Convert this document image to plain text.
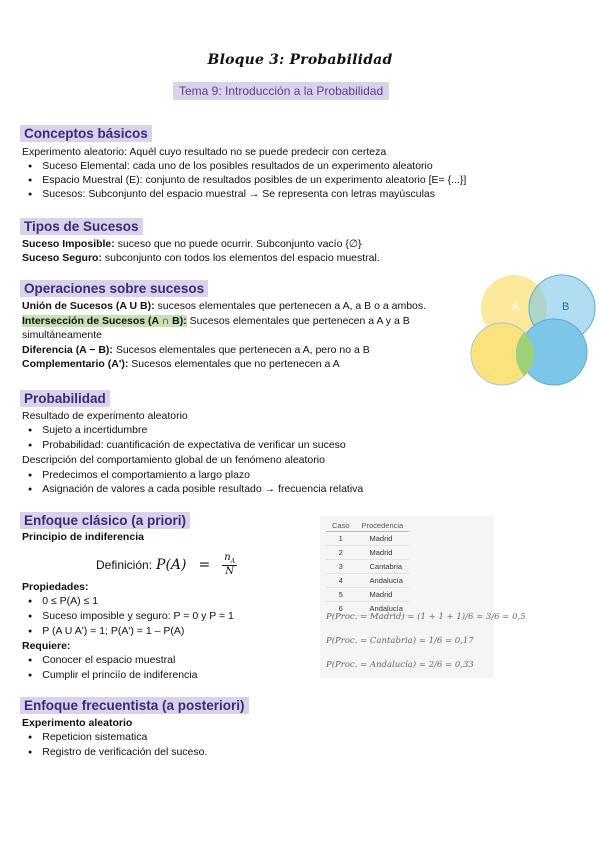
Bloque 3: Probabilidad
Tema 9: Introducción a la Probabilidad
Conceptos básicos
Experimento aleatorio: Aquél cuyo resultado no se puede predecir con certeza
● Suceso Elemental: cada uno de los posibles resultados de un experimento aleatorio
● Espacio Muestral (E): conjunto de resultados posibles de un experimento aleatorio [E= {...}]
● Sucesos: Subconjunto del espacio muestral → Se representa con letras mayúsculas
Tipos de Sucesos
Suceso Imposible: suceso que no puede ocurrir. Subconjunto vacío {∅}
Suceso Seguro: subconjunto con todos los elementos del espacio muestral.
Operaciones sobre sucesos
Unión de Sucesos (A U B): sucesos elementales que pertenecen a A, a B o a ambos.
Intersección de Sucesos (A ∩ B): Sucesos elementales que pertenecen a A y a B
simultáneamente
Diferencia (A − B): Sucesos elementales que pertenecen a A, pero no a B
Complementario (A'): Sucesos elementales que no pertenecen a A
A	B
Probabilidad
Resultado de experimento aleatorio
● Sujeto a incertidumbre
● Probabilidad: cuantificación de expectativa de verificar un suceso
Descripción del comportamiento global de un fenómeno aleatorio
● Predecimos el comportamiento a largo plazo
● Asignación de valores a cada posible resultado → frecuencia relativa
Enfoque clásico (a priori)
Principio de indiferencia
Definición: $P(A) = \frac{n_A}{N}$
Propiedades:
● 0 ≤ P(A) ≤ 1
● Suceso imposible y seguro: P = 0 y P = 1
● P (A U A') = 1; P(A') = 1 – P(A)
Requiere:
● Conocer el espacio muestral
● Cumplir el princiío de indiferencia
Caso	Procedencia
1	Madrid
2	Madrid
3	Cantabria
4	Andalucía
5	Madrid
6	Andalucía
P(Proc. = Madrid) = (1 + 1 + 1)/6 = 3/6 = 0,5
P(Proc. = Cantabria) = 1/6 = 0,17
P(Proc. = Andalucía) = 2/6 = 0,33
Enfoque frecuentista (a posteriori)
Experimento aleatorio
● Repeticion sistematica
● Registro de verificación del suceso.
